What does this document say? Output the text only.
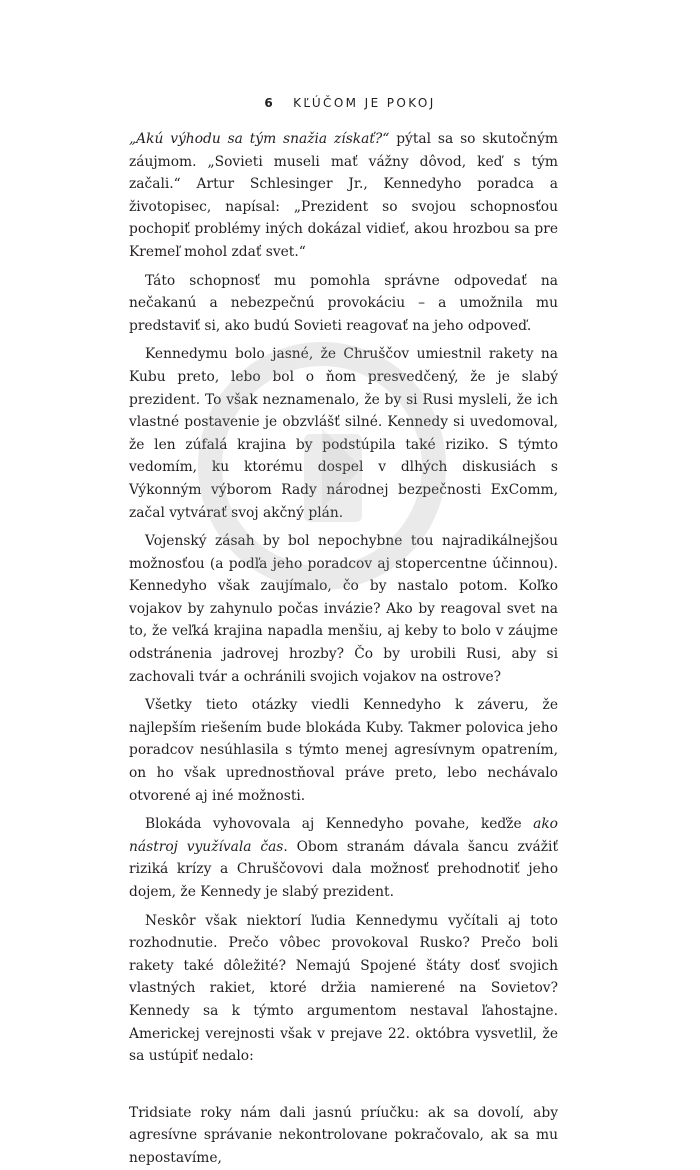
6 KĽÚČOM JE POKOJ

„Akú výhodu sa tým snažia získať?“ pýtal sa so skutočným záujmom. „Sovieti museli mať vážny dôvod, keď s tým začali.“ Artur Schlesinger Jr., Kennedyho poradca a životopisec, napísal: „Prezident so svojou schopnosťou pochopiť problémy iných dokázal vidieť, akou hrozbou sa pre Kremeľ mohol zdať svet.“

Táto schopnosť mu pomohla správne odpovedať na nečakanú a nebezpečnú provokáciu – a umožnila mu predstaviť si, ako budú Sovieti reagovať na jeho odpoveď.

Kennedymu bolo jasné, že Chruščov umiestnil rakety na Kubu preto, lebo bol o ňom presvedčený, že je slabý prezident. To však neznamenalo, že by si Rusi mysleli, že ich vlastné postavenie je obzvlášť silné. Kennedy si uvedomoval, že len zúfalá krajina by podstúpila také riziko. S týmto vedomím, ku ktorému dospel v dlhých diskusiách s Výkonným výborom Rady národnej bezpečnosti ExComm, začal vytvárať svoj akčný plán.

Vojenský zásah by bol nepochybne tou najradikálnejšou možnosťou (a podľa jeho poradcov aj stopercentne účinnou). Kennedyho však zaujímalo, čo by nastalo potom. Koľko vojakov by zahynulo počas invázie? Ako by reagoval svet na to, že veľká krajina napadla menšiu, aj keby to bolo v záujme odstránenia jadrovej hrozby? Čo by urobili Rusi, aby si zachovali tvár a ochránili svojich vojakov na ostrove?

Všetky tieto otázky viedli Kennedyho k záveru, že najlepším riešením bude blokáda Kuby. Takmer polovica jeho poradcov nesúhlasila s týmto menej agresívnym opatrením, on ho však uprednostňoval práve preto, lebo nechávalo otvorené aj iné možnosti.

Blokáda vyhovovala aj Kennedyho povahe, keďže ako nástroj využívala čas. Obom stranám dávala šancu zvážiť riziká krízy a Chruščovovi dala možnosť prehodnotiť jeho dojem, že Kennedy je slabý prezident.

Neskôr však niektorí ľudia Kennedymu vyčítali aj toto rozhodnutie. Prečo vôbec provokoval Rusko? Prečo boli rakety také dôležité? Nemajú Spojené štáty dosť svojich vlastných rakiet, ktoré držia namierené na Sovietov? Kennedy sa k týmto argumentom nestaval ľahostajne. Americkej verejnosti však v prejave 22. októbra vysvetlil, že sa ustúpiť nedalo:

Tridsiate roky nám dali jasnú príučku: ak sa dovolí, aby agresívne správanie nekontrolovane pokračovalo, ak sa mu nepostavíme,
